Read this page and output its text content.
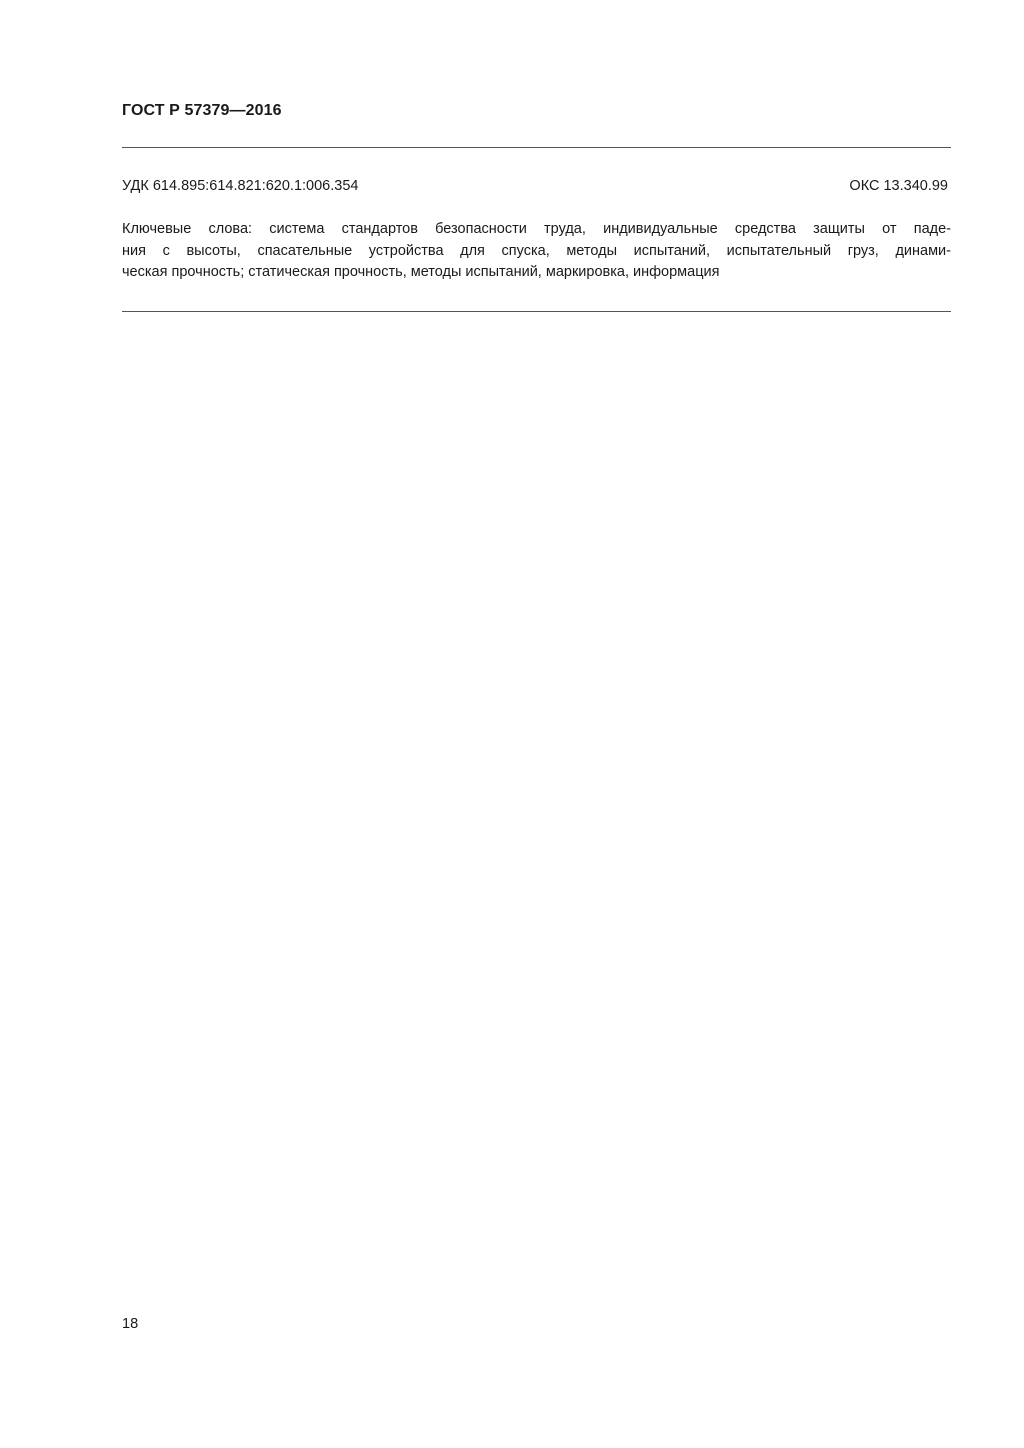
ГОСТ Р 57379—2016
УДК 614.895:614.821:620.1:006.354	ОКС 13.340.99
Ключевые слова: система стандартов безопасности труда, индивидуальные средства защиты от паде-
ния с высоты, спасательные устройства для спуска, методы испытаний, испытательный груз, динами-
ческая прочность; статическая прочность, методы испытаний, маркировка, информация
18
